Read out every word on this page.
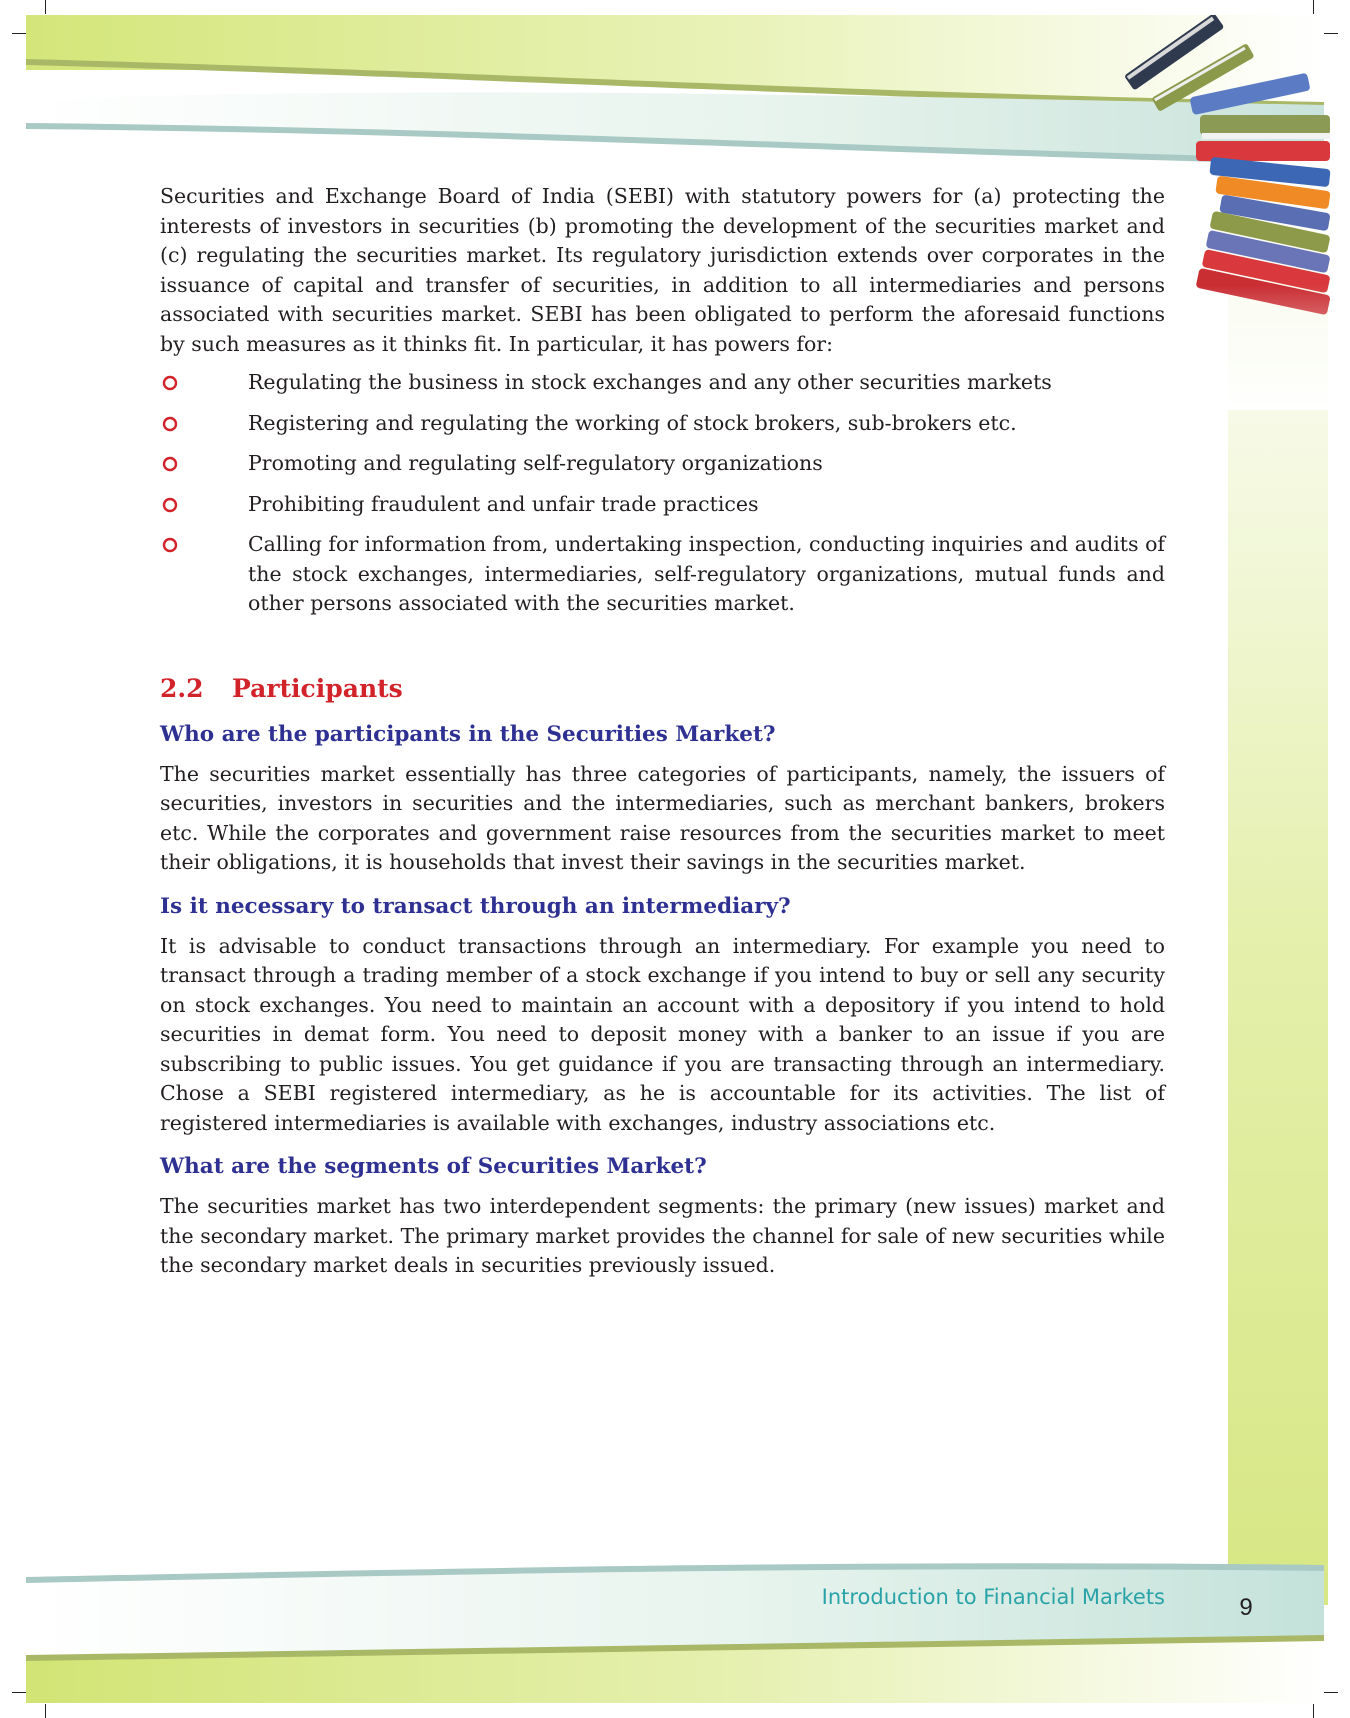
Securities and Exchange Board of India (SEBI) with statutory powers for (a) protecting the interests of investors in securities (b) promoting the development of the securities market and (c) regulating the securities market. Its regulatory jurisdiction extends over corporates in the issuance of capital and transfer of securities, in addition to all intermediaries and persons associated with securities market. SEBI has been obligated to perform the aforesaid functions by such measures as it thinks fit. In particular, it has powers for:

Regulating the business in stock exchanges and any other securities markets
Registering and regulating the working of stock brokers, sub-brokers etc.
Promoting and regulating self-regulatory organizations
Prohibiting fraudulent and unfair trade practices
Calling for information from, undertaking inspection, conducting inquiries and audits of the stock exchanges, intermediaries, self-regulatory organizations, mutual funds and other persons associated with the securities market.
2.2 Participants
Who are the participants in the Securities Market?

The securities market essentially has three categories of participants, namely, the issuers of securities, investors in securities and the intermediaries, such as merchant bankers, brokers etc. While the corporates and government raise resources from the securities market to meet their obligations, it is households that invest their savings in the securities market.

Is it necessary to transact through an intermediary?

It is advisable to conduct transactions through an intermediary. For example you need to transact through a trading member of a stock exchange if you intend to buy or sell any security on stock exchanges. You need to maintain an account with a depository if you intend to hold securities in demat form. You need to deposit money with a banker to an issue if you are subscribing to public issues. You get guidance if you are transacting through an intermediary. Chose a SEBI registered intermediary, as he is accountable for its activities. The list of registered intermediaries is available with exchanges, industry associations etc.

What are the segments of Securities Market?

The securities market has two interdependent segments: the primary (new issues) market and the secondary market. The primary market provides the channel for sale of new securities while the secondary market deals in securities previously issued.

Introduction to Financial Markets	9
